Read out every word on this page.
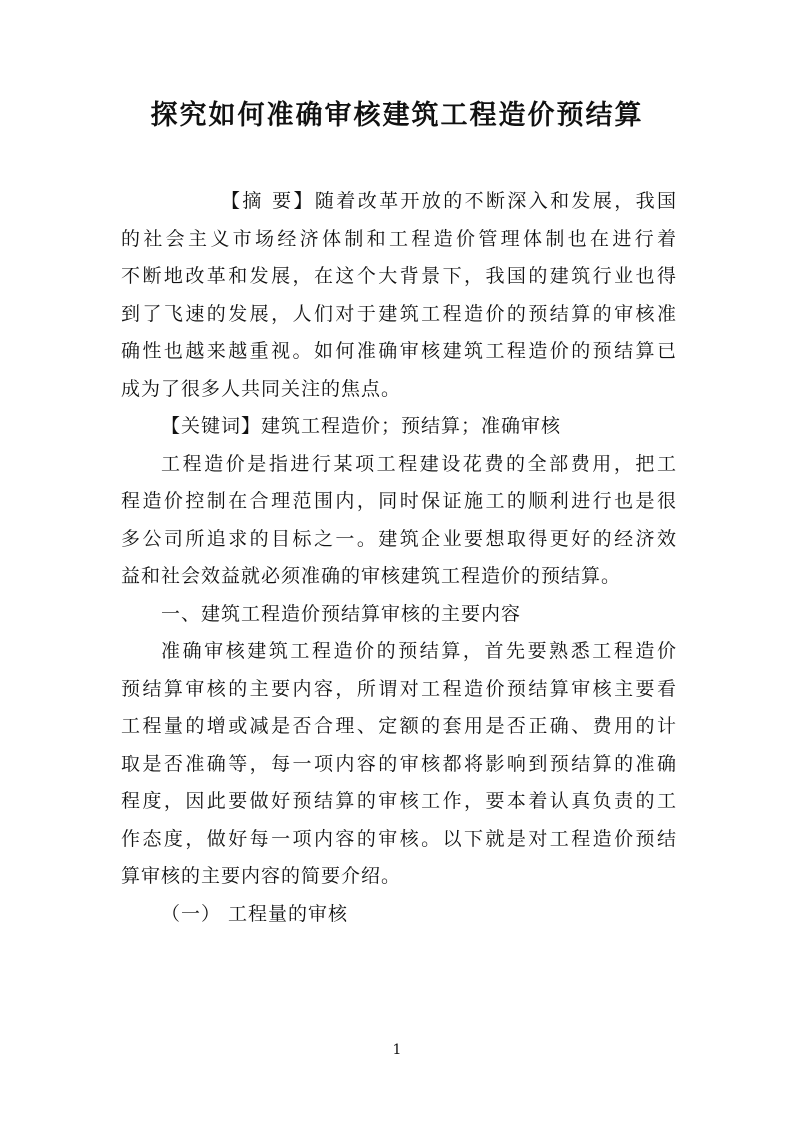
探究如何准确审核建筑工程造价预结算
【摘 要】随着改革开放的不断深入和发展，我国
的社会主义市场经济体制和工程造价管理体制也在进行着
不断地改革和发展，在这个大背景下，我国的建筑行业也得
到了飞速的发展，人们对于建筑工程造价的预结算的审核准
确性也越来越重视。如何准确审核建筑工程造价的预结算已
成为了很多人共同关注的焦点。
【关键词】建筑工程造价；预结算；准确审核
工程造价是指进行某项工程建设花费的全部费用，把工
程造价控制在合理范围内，同时保证施工的顺利进行也是很
多公司所追求的目标之一。建筑企业要想取得更好的经济效
益和社会效益就必须准确的审核建筑工程造价的预结算。
一、建筑工程造价预结算审核的主要内容
准确审核建筑工程造价的预结算，首先要熟悉工程造价
预结算审核的主要内容，所谓对工程造价预结算审核主要看
工程量的增或减是否合理、定额的套用是否正确、费用的计
取是否准确等，每一项内容的审核都将影响到预结算的准确
程度，因此要做好预结算的审核工作，要本着认真负责的工
作态度，做好每一项内容的审核。以下就是对工程造价预结
算审核的主要内容的简要介绍。
（一） 工程量的审核
1
